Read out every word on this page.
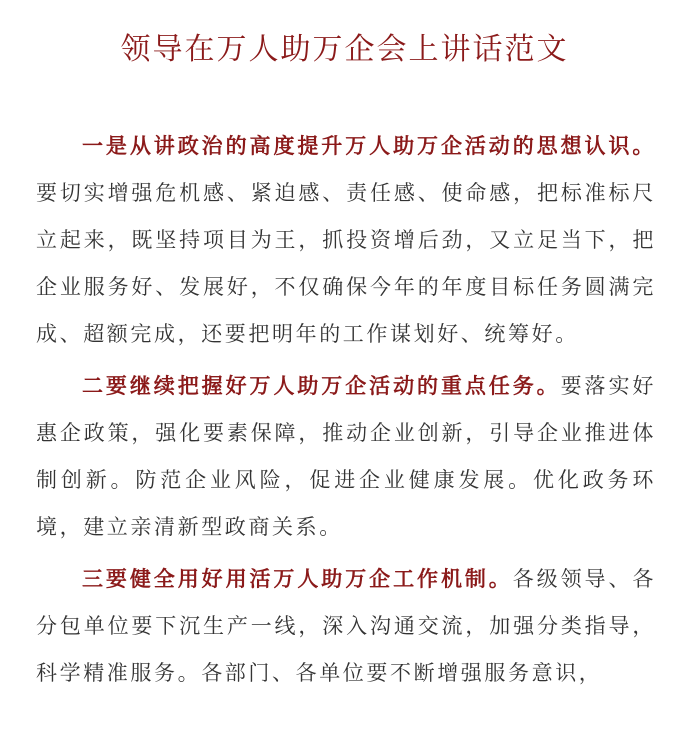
领导在万人助万企会上讲话范文

一是从讲政治的高度提升万人助万企活动的思想认识。要切实增强危机感、紧迫感、责任感、使命感，把标准标尺立起来，既坚持项目为王，抓投资增后劲，又立足当下，把企业服务好、发展好，不仅确保今年的年度目标任务圆满完成、超额完成，还要把明年的工作谋划好、统筹好。

二要继续把握好万人助万企活动的重点任务。要落实好惠企政策，强化要素保障，推动企业创新，引导企业推进体制创新。防范企业风险，促进企业健康发展。优化政务环境，建立亲清新型政商关系。

三要健全用好用活万人助万企工作机制。各级领导、各分包单位要下沉生产一线，深入沟通交流，加强分类指导，科学精准服务。各部门、各单位要不断增强服务意识，
